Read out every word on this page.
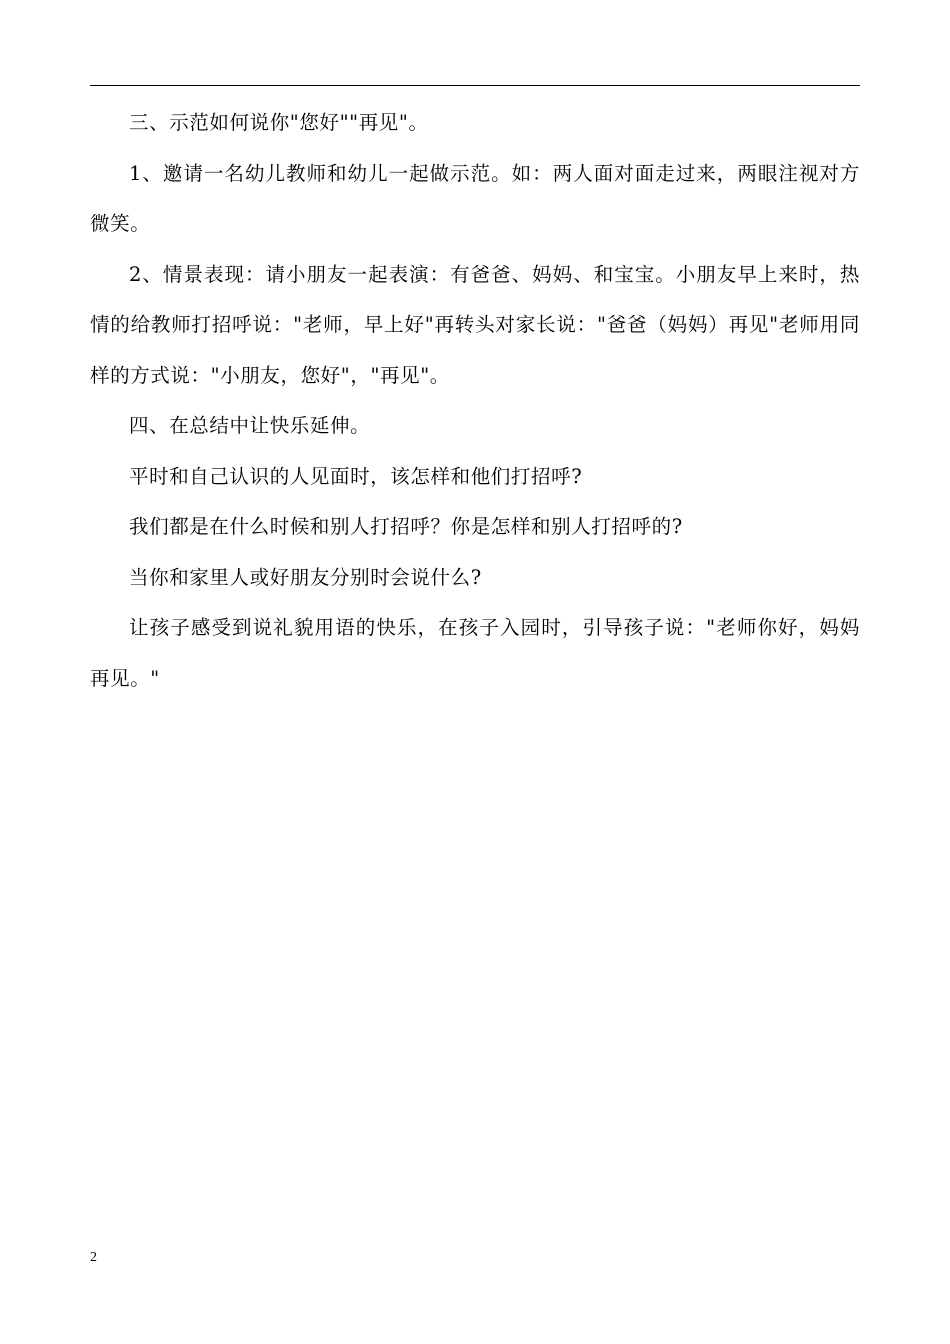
三、示范如何说你"您好""再见"。

1、邀请一名幼儿教师和幼儿一起做示范。如：两人面对面走过来，两眼注视对方微笑。

2、情景表现：请小朋友一起表演：有爸爸、妈妈、和宝宝。小朋友早上来时，热情的给教师打招呼说："老师，早上好"再转头对家长说："爸爸（妈妈）再见"老师用同样的方式说："小朋友，您好"，"再见"。

四、在总结中让快乐延伸。

平时和自己认识的人见面时，该怎样和他们打招呼?

我们都是在什么时候和别人打招呼？你是怎样和别人打招呼的?

当你和家里人或好朋友分别时会说什么?

让孩子感受到说礼貌用语的快乐，在孩子入园时，引导孩子说："老师你好，妈妈再见。"

2
